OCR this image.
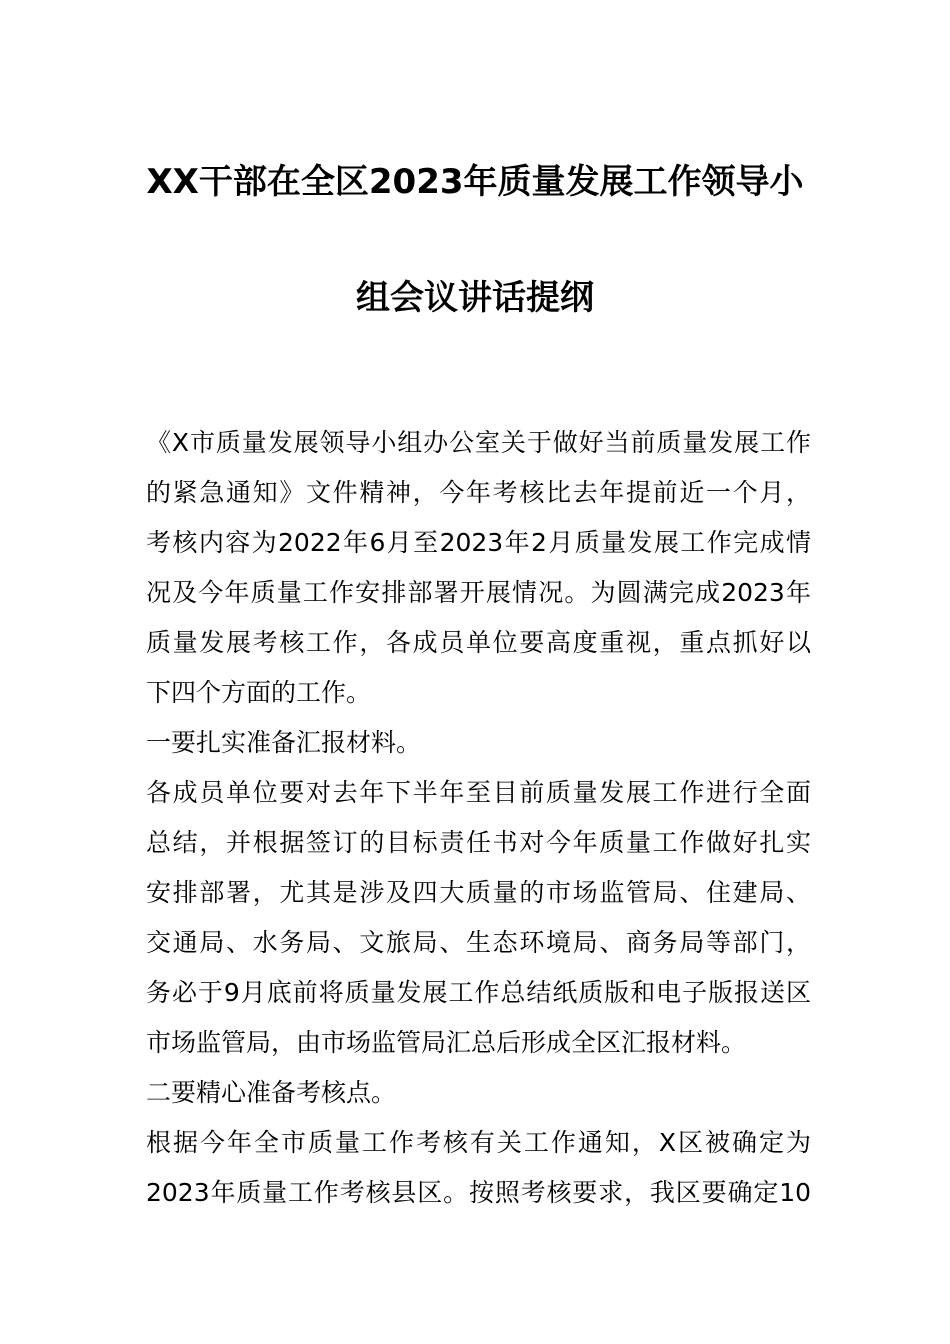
XX干部在全区2023年质量发展工作领导小
组会议讲话提纲
《X市质量发展领导小组办公室关于做好当前质量发展工作
的紧急通知》文件精神，今年考核比去年提前近一个月，
考核内容为2022年6月至2023年2月质量发展工作完成情
况及今年质量工作安排部署开展情况。为圆满完成2023年
质量发展考核工作，各成员单位要高度重视，重点抓好以
下四个方面的工作。
一要扎实准备汇报材料。
各成员单位要对去年下半年至目前质量发展工作进行全面
总结，并根据签订的目标责任书对今年质量工作做好扎实
安排部署，尤其是涉及四大质量的市场监管局、住建局、
交通局、水务局、文旅局、生态环境局、商务局等部门，
务必于9月底前将质量发展工作总结纸质版和电子版报送区
市场监管局，由市场监管局汇总后形成全区汇报材料。
二要精心准备考核点。
根据今年全市质量工作考核有关工作通知，X区被确定为
2023年质量工作考核县区。按照考核要求，我区要确定10
